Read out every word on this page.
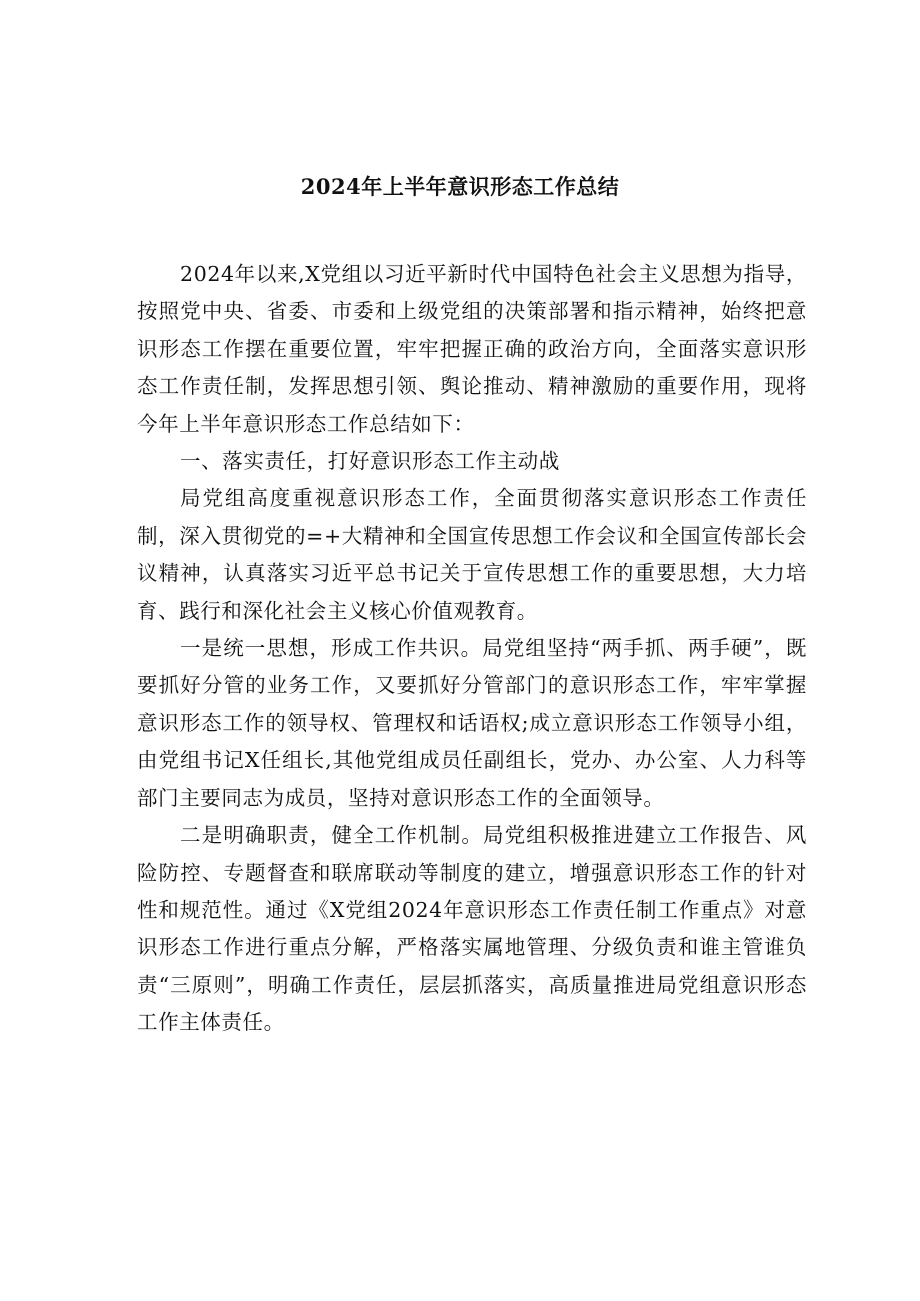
2024年上半年意识形态工作总结

2024年以来,X党组以习近平新时代中国特色社会主义思想为指导，按照党中央、省委、市委和上级党组的决策部署和指示精神，始终把意识形态工作摆在重要位置，牢牢把握正确的政治方向，全面落实意识形态工作责任制，发挥思想引领、舆论推动、精神激励的重要作用，现将今年上半年意识形态工作总结如下：

一、落实责任，打好意识形态工作主动战

局党组高度重视意识形态工作，全面贯彻落实意识形态工作责任制，深入贯彻党的=+大精神和全国宣传思想工作会议和全国宣传部长会议精神，认真落实习近平总书记关于宣传思想工作的重要思想，大力培育、践行和深化社会主义核心价值观教育。

一是统一思想，形成工作共识。局党组坚持“两手抓、两手硬”，既要抓好分管的业务工作，又要抓好分管部门的意识形态工作，牢牢掌握意识形态工作的领导权、管理权和话语权;成立意识形态工作领导小组，由党组书记X任组长,其他党组成员任副组长，党办、办公室、人力科等部门主要同志为成员，坚持对意识形态工作的全面领导。

二是明确职责，健全工作机制。局党组积极推进建立工作报告、风险防控、专题督查和联席联动等制度的建立，增强意识形态工作的针对性和规范性。通过《X党组2024年意识形态工作责任制工作重点》对意识形态工作进行重点分解，严格落实属地管理、分级负责和谁主管谁负责“三原则”，明确工作责任，层层抓落实，高质量推进局党组意识形态工作主体责任。
